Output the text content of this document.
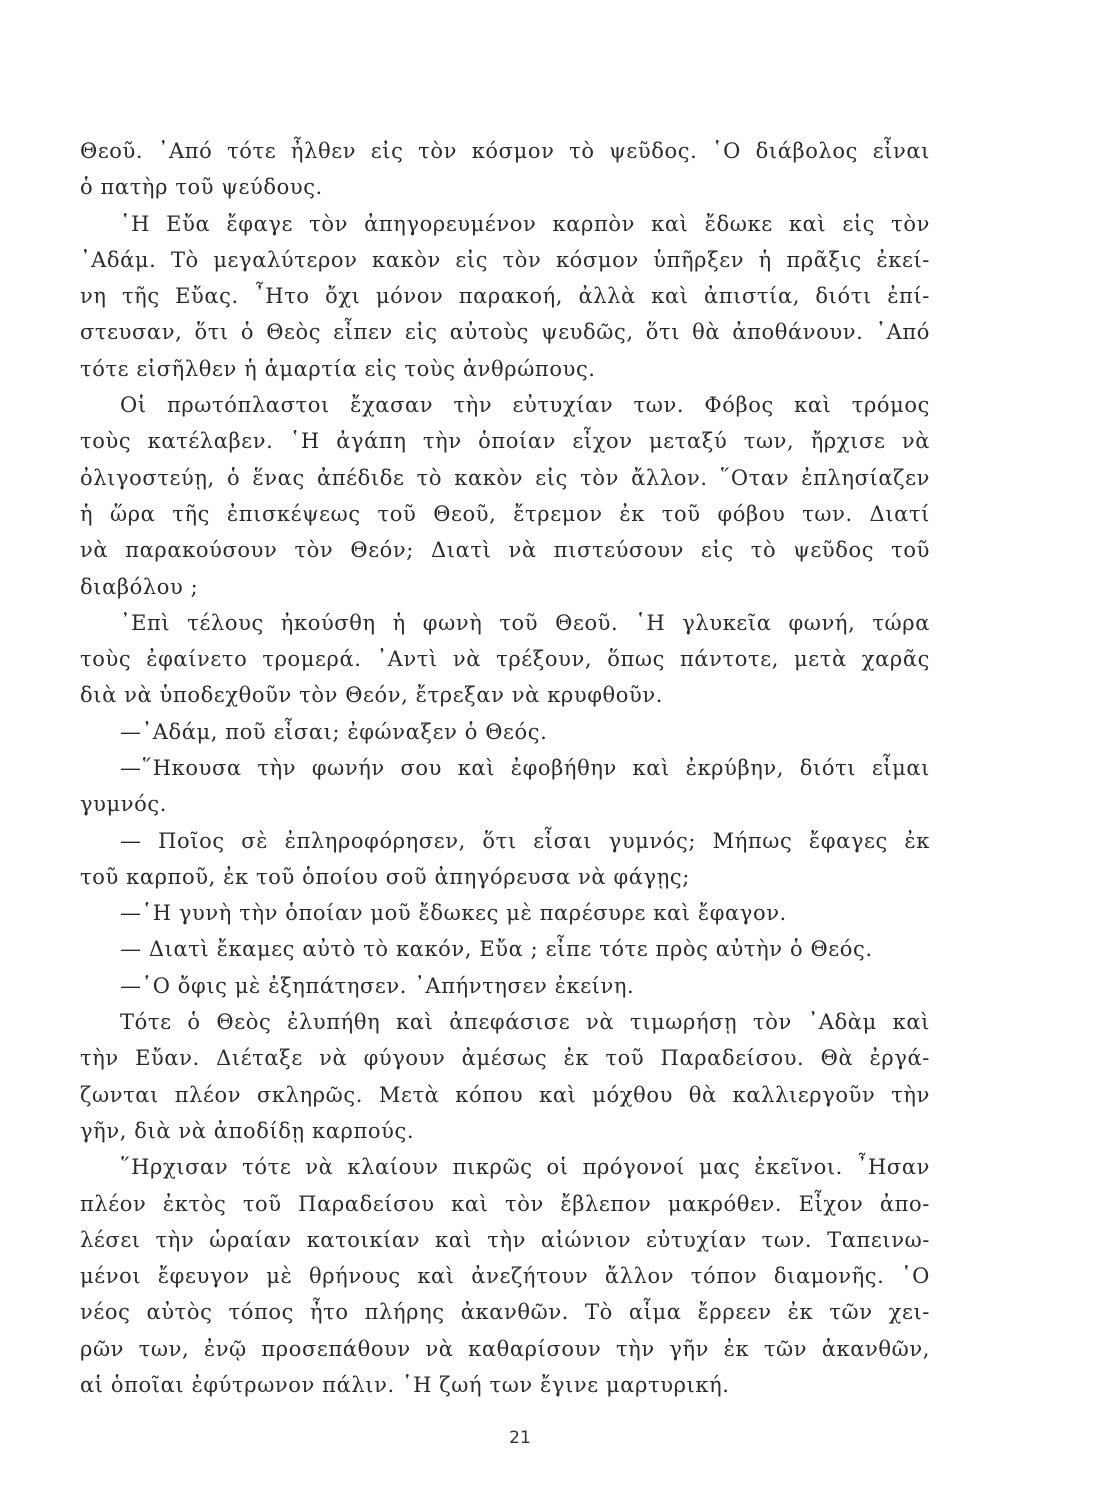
Θεοῦ. ᾿Από τότε ἦλθεν εἰς τὸν κόσμον τὸ ψεῦδος. ῾Ο διάβολος εἶναι
ὁ πατὴρ τοῦ ψεύδους.
῾Η Εὔα ἔφαγε τὸν ἀπηγορευμένον καρπὸν καὶ ἔδωκε καὶ εἰς τὸν
᾿Αδάμ. Τὸ μεγαλύτερον κακὸν εἰς τὸν κόσμον ὑπῆρξεν ἡ πρᾶξις ἐκεί-
νη τῆς Εὔας. ῏Ητο ὄχι μόνον παρακοή, ἀλλὰ καὶ ἀπιστία, διότι ἐπί-
στευσαν, ὅτι ὁ Θεὸς εἶπεν εἰς αὐτοὺς ψευδῶς, ὅτι θὰ ἀποθάνουν. ᾿Από
τότε εἰσῆλθεν ἡ ἁμαρτία εἰς τοὺς ἀνθρώπους.
Οἱ πρωτόπλαστοι ἔχασαν τὴν εὐτυχίαν των. Φόβος καὶ τρόμος
τοὺς κατέλαβεν. ῾Η ἀγάπη τὴν ὁποίαν εἶχον μεταξύ των, ἤρχισε νὰ
ὀλιγοστεύῃ, ὁ ἕνας ἀπέδιδε τὸ κακὸν εἰς τὸν ἄλλον. ῞Οταν ἐπλησίαζεν
ἡ ὥρα τῆς ἐπισκέψεως τοῦ Θεοῦ, ἔτρεμον ἐκ τοῦ φόβου των. Διατί
νὰ παρακούσουν τὸν Θεόν; Διατὶ νὰ πιστεύσουν εἰς τὸ ψεῦδος τοῦ
διαβόλου ;
᾿Επὶ τέλους ἠκούσθη ἡ φωνὴ τοῦ Θεοῦ. ῾Η γλυκεῖα φωνή, τώρα
τοὺς ἐφαίνετο τρομερά. ᾿Αντὶ νὰ τρέξουν, ὅπως πάντοτε, μετὰ χαρᾶς
διὰ νὰ ὑποδεχθοῦν τὸν Θεόν, ἔτρεξαν νὰ κρυφθοῦν.
—᾿Αδάμ, ποῦ εἶσαι; ἐφώναξεν ὁ Θεός.
—῞Ηκουσα τὴν φωνήν σου καὶ ἐφοβήθην καὶ ἐκρύβην, διότι εἶμαι
γυμνός.
— Ποῖος σὲ ἐπληροφόρησεν, ὅτι εἶσαι γυμνός; Μήπως ἔφαγες ἐκ
τοῦ καρποῦ, ἐκ τοῦ ὁποίου σοῦ ἀπηγόρευσα νὰ φάγῃς;
—῾Η γυνὴ τὴν ὁποίαν μοῦ ἔδωκες μὲ παρέσυρε καὶ ἔφαγον.
— Διατὶ ἔκαμες αὐτὸ τὸ κακόν, Εὔα ; εἶπε τότε πρὸς αὐτὴν ὁ Θεός.
—῾Ο ὄφις μὲ ἐξηπάτησεν. ᾿Απήντησεν ἐκείνη.
Τότε ὁ Θεὸς ἐλυπήθη καὶ ἀπεφάσισε νὰ τιμωρήσῃ τὸν ᾿Αδὰμ καὶ
τὴν Εὔαν. Διέταξε νὰ φύγουν ἀμέσως ἐκ τοῦ Παραδείσου. Θὰ ἐργά-
ζωνται πλέον σκληρῶς. Μετὰ κόπου καὶ μόχθου θὰ καλλιεργοῦν τὴν
γῆν, διὰ νὰ ἀποδίδῃ καρπούς.
῞Ηρχισαν τότε νὰ κλαίουν πικρῶς οἱ πρόγονοί μας ἐκεῖνοι. ῏Ησαν
πλέον ἐκτὸς τοῦ Παραδείσου καὶ τὸν ἔβλεπον μακρόθεν. Εἶχον ἀπο-
λέσει τὴν ὡραίαν κατοικίαν καὶ τὴν αἰώνιον εὐτυχίαν των. Ταπεινω-
μένοι ἔφευγον μὲ θρήνους καὶ ἀνεζήτουν ἄλλον τόπον διαμονῆς. ῾Ο
νέος αὐτὸς τόπος ἦτο πλήρης ἀκανθῶν. Τὸ αἷμα ἔρρεεν ἐκ τῶν χει-
ρῶν των, ἐνῷ προσεπάθουν νὰ καθαρίσουν τὴν γῆν ἐκ τῶν ἀκανθῶν,
αἱ ὁποῖαι ἐφύτρωνον πάλιν. ῾Η ζωή των ἔγινε μαρτυρική.
21
